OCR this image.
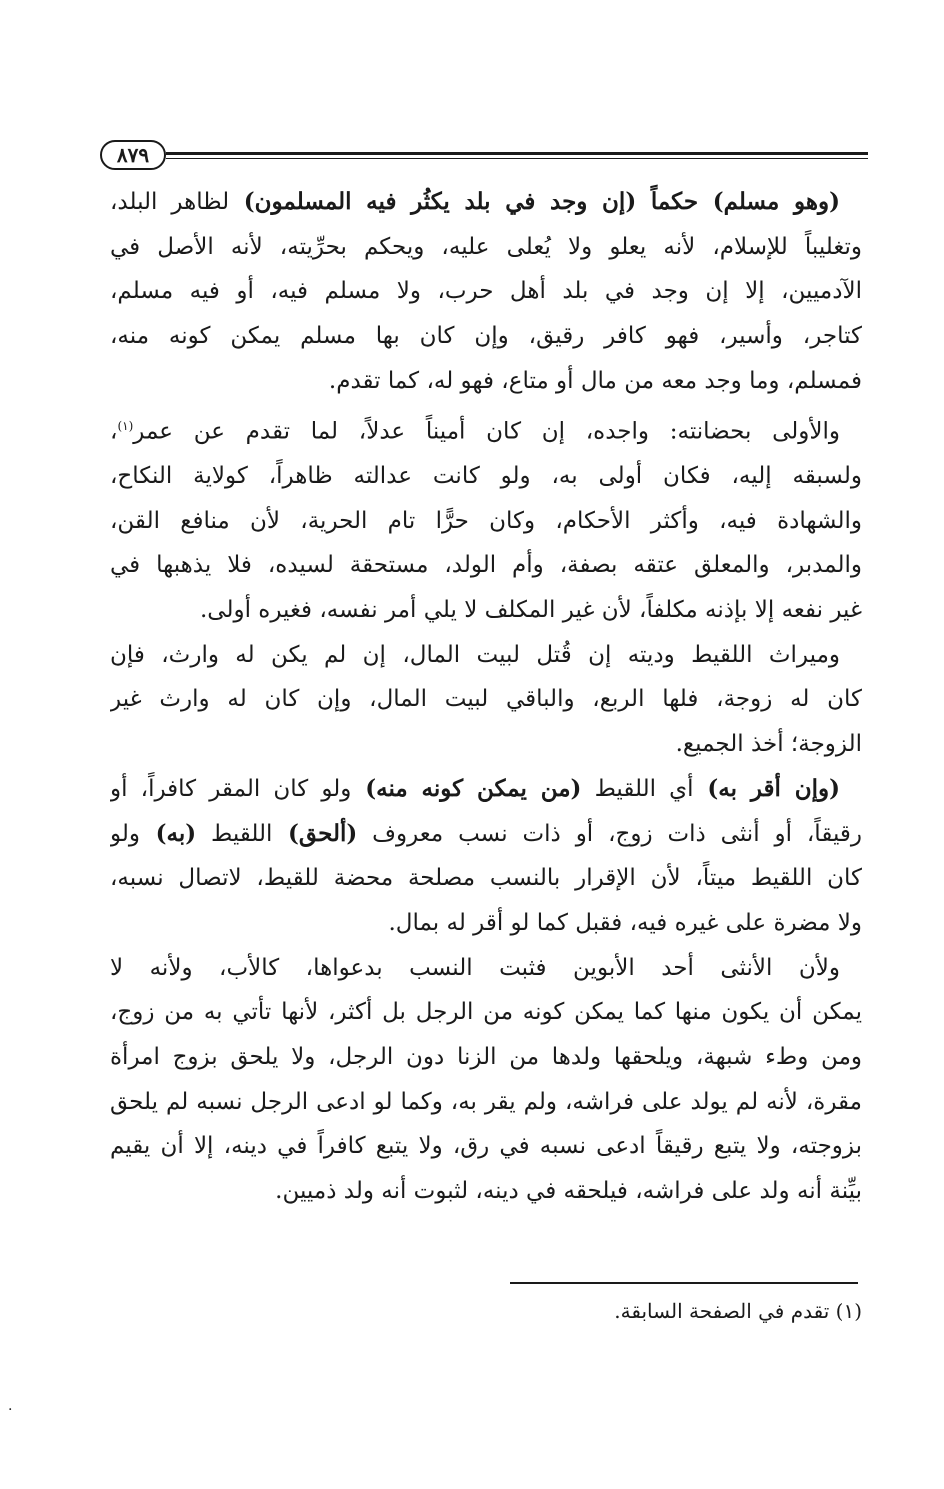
٨٧٩
(وهو مسلم) حكماً (إن وجد في بلد يكثُر فيه المسلمون) لظاهر البلد،
وتغليباً للإسلام، لأنه يعلو ولا يُعلى عليه، ويحكم بحرِّيته، لأنه الأصل في
الآدميين، إلا إن وجد في بلد أهل حرب، ولا مسلم فيه، أو فيه مسلم،
كتاجر، وأسير، فهو كافر رقيق، وإن كان بها مسلم يمكن كونه منه،
فمسلم، وما وجد معه من مال أو متاع، فهو له، كما تقدم.
والأولى بحضانته: واجده، إن كان أميناً عدلاً، لما تقدم عن عمر$^{(١)}$،
ولسبقه إليه، فكان أولى به، ولو كانت عدالته ظاهراً، كولاية النكاح،
والشهادة فيه، وأكثر الأحكام، وكان حرًّا تام الحرية، لأن منافع القن،
والمدبر، والمعلق عتقه بصفة، وأم الولد، مستحقة لسيده، فلا يذهبها في
غير نفعه إلا بإذنه مكلفاً، لأن غير المكلف لا يلي أمر نفسه، فغيره أولى.
وميراث اللقيط وديته إن قُتل لبيت المال، إن لم يكن له وارث، فإن
كان له زوجة، فلها الربع، والباقي لبيت المال، وإن كان له وارث غير
الزوجة؛ أخذ الجميع.
(وإن أقر به) أي اللقيط (من يمكن كونه منه) ولو كان المقر كافراً، أو
رقيقاً، أو أنثى ذات زوج، أو ذات نسب معروف (ألحق) اللقيط (به) ولو
كان اللقيط ميتاً، لأن الإقرار بالنسب مصلحة محضة للقيط، لاتصال نسبه،
ولا مضرة على غيره فيه، فقبل كما لو أقر له بمال.
ولأن الأنثى أحد الأبوين فثبت النسب بدعواها، كالأب، ولأنه لا
يمكن أن يكون منها كما يمكن كونه من الرجل بل أكثر، لأنها تأتي به من زوج،
ومن وطء شبهة، ويلحقها ولدها من الزنا دون الرجل، ولا يلحق بزوج امرأة
مقرة، لأنه لم يولد على فراشه، ولم يقر به، وكما لو ادعى الرجل نسبه لم يلحق
بزوجته، ولا يتبع رقيقاً ادعى نسبه في رق، ولا يتبع كافراً في دينه، إلا أن يقيم
بيِّنة أنه ولد على فراشه، فيلحقه في دينه، لثبوت أنه ولد ذميين.
(١) تقدم في الصفحة السابقة.
.
